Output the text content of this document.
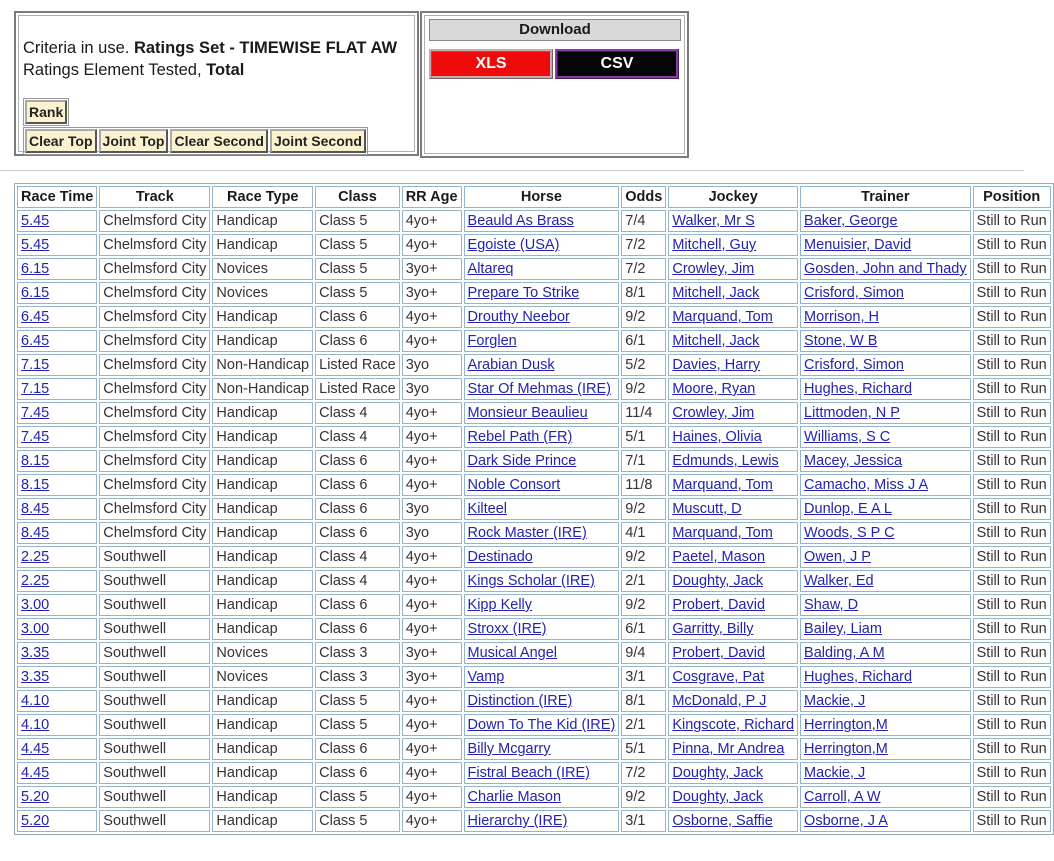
Criteria in use. Ratings Set - TIMEWISE FLAT AW
Ratings Element Tested, Total
Rank
Clear Top Joint Top Clear Second Joint Second
Download
XLS	CSV
Race Time	Track	Race Type	Class	RR Age	Horse	Odds	Jockey	Trainer	Position
5.45	Chelmsford City	Handicap	Class 5	4yo+	Beauld As Brass	7/4	Walker, Mr S	Baker, George	Still to Run
5.45	Chelmsford City	Handicap	Class 5	4yo+	Egoiste (USA)	7/2	Mitchell, Guy	Menuisier, David	Still to Run
6.15	Chelmsford City	Novices	Class 5	3yo+	Altareq	7/2	Crowley, Jim	Gosden, John and Thady	Still to Run
6.15	Chelmsford City	Novices	Class 5	3yo+	Prepare To Strike	8/1	Mitchell, Jack	Crisford, Simon	Still to Run
6.45	Chelmsford City	Handicap	Class 6	4yo+	Drouthy Neebor	9/2	Marquand, Tom	Morrison, H	Still to Run
6.45	Chelmsford City	Handicap	Class 6	4yo+	Forglen	6/1	Mitchell, Jack	Stone, W B	Still to Run
7.15	Chelmsford City	Non-Handicap	Listed Race	3yo	Arabian Dusk	5/2	Davies, Harry	Crisford, Simon	Still to Run
7.15	Chelmsford City	Non-Handicap	Listed Race	3yo	Star Of Mehmas (IRE)	9/2	Moore, Ryan	Hughes, Richard	Still to Run
7.45	Chelmsford City	Handicap	Class 4	4yo+	Monsieur Beaulieu	11/4	Crowley, Jim	Littmoden, N P	Still to Run
7.45	Chelmsford City	Handicap	Class 4	4yo+	Rebel Path (FR)	5/1	Haines, Olivia	Williams, S C	Still to Run
8.15	Chelmsford City	Handicap	Class 6	4yo+	Dark Side Prince	7/1	Edmunds, Lewis	Macey, Jessica	Still to Run
8.15	Chelmsford City	Handicap	Class 6	4yo+	Noble Consort	11/8	Marquand, Tom	Camacho, Miss J A	Still to Run
8.45	Chelmsford City	Handicap	Class 6	3yo	Kilteel	9/2	Muscutt, D	Dunlop, E A L	Still to Run
8.45	Chelmsford City	Handicap	Class 6	3yo	Rock Master (IRE)	4/1	Marquand, Tom	Woods, S P C	Still to Run
2.25	Southwell	Handicap	Class 4	4yo+	Destinado	9/2	Paetel, Mason	Owen, J P	Still to Run
2.25	Southwell	Handicap	Class 4	4yo+	Kings Scholar (IRE)	2/1	Doughty, Jack	Walker, Ed	Still to Run
3.00	Southwell	Handicap	Class 6	4yo+	Kipp Kelly	9/2	Probert, David	Shaw, D	Still to Run
3.00	Southwell	Handicap	Class 6	4yo+	Stroxx (IRE)	6/1	Garritty, Billy	Bailey, Liam	Still to Run
3.35	Southwell	Novices	Class 3	3yo+	Musical Angel	9/4	Probert, David	Balding, A M	Still to Run
3.35	Southwell	Novices	Class 3	3yo+	Vamp	3/1	Cosgrave, Pat	Hughes, Richard	Still to Run
4.10	Southwell	Handicap	Class 5	4yo+	Distinction (IRE)	8/1	McDonald, P J	Mackie, J	Still to Run
4.10	Southwell	Handicap	Class 5	4yo+	Down To The Kid (IRE)	2/1	Kingscote, Richard	Herrington,M	Still to Run
4.45	Southwell	Handicap	Class 6	4yo+	Billy Mcgarry	5/1	Pinna, Mr Andrea	Herrington,M	Still to Run
4.45	Southwell	Handicap	Class 6	4yo+	Fistral Beach (IRE)	7/2	Doughty, Jack	Mackie, J	Still to Run
5.20	Southwell	Handicap	Class 5	4yo+	Charlie Mason	9/2	Doughty, Jack	Carroll, A W	Still to Run
5.20	Southwell	Handicap	Class 5	4yo+	Hierarchy (IRE)	3/1	Osborne, Saffie	Osborne, J A	Still to Run
